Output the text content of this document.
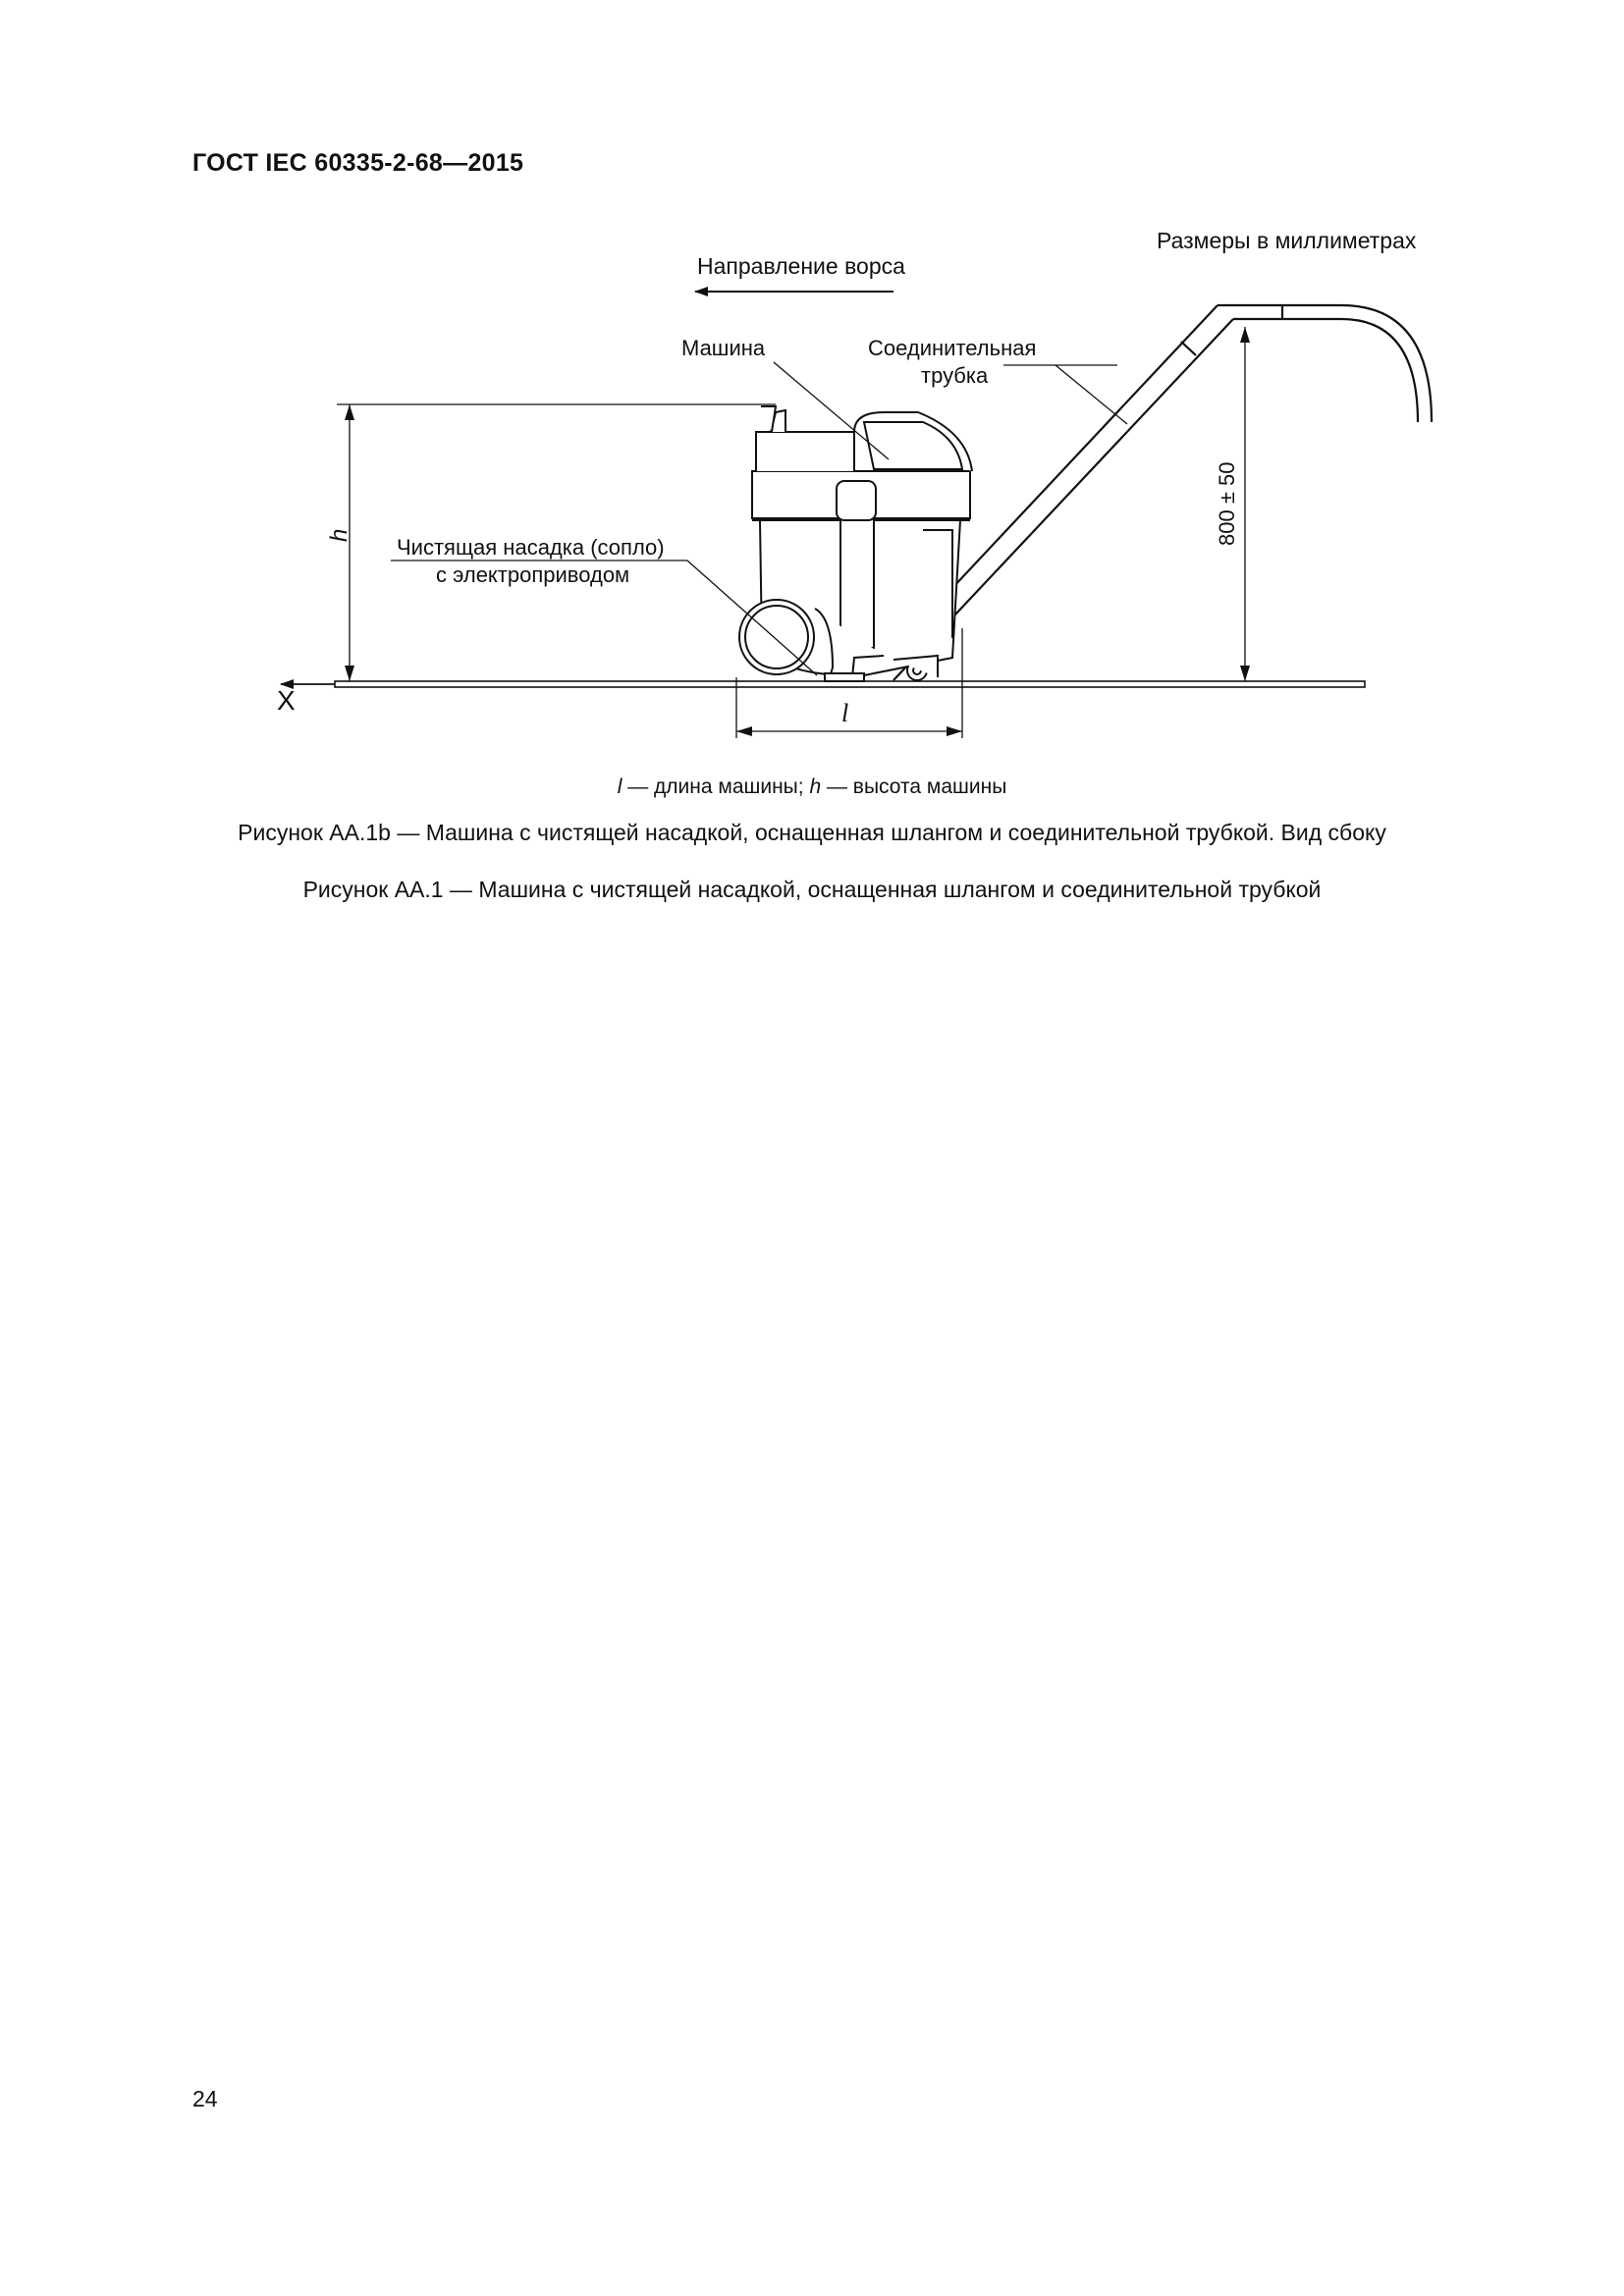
ГОСТ IEC 60335-2-68—2015
Размеры в миллиметрах
Направление ворса
Машина	Соединительная
трубка
Чистящая насадка (сопло)
с электроприводом
X	l
h	800 ± 50
l — длина машины; h — высота машины
Рисунок AA.1b — Машина с чистящей насадкой, оснащенная шлангом и соединительной трубкой. Вид сбоку
Рисунок AA.1 — Машина с чистящей насадкой, оснащенная шлангом и соединительной трубкой
24
